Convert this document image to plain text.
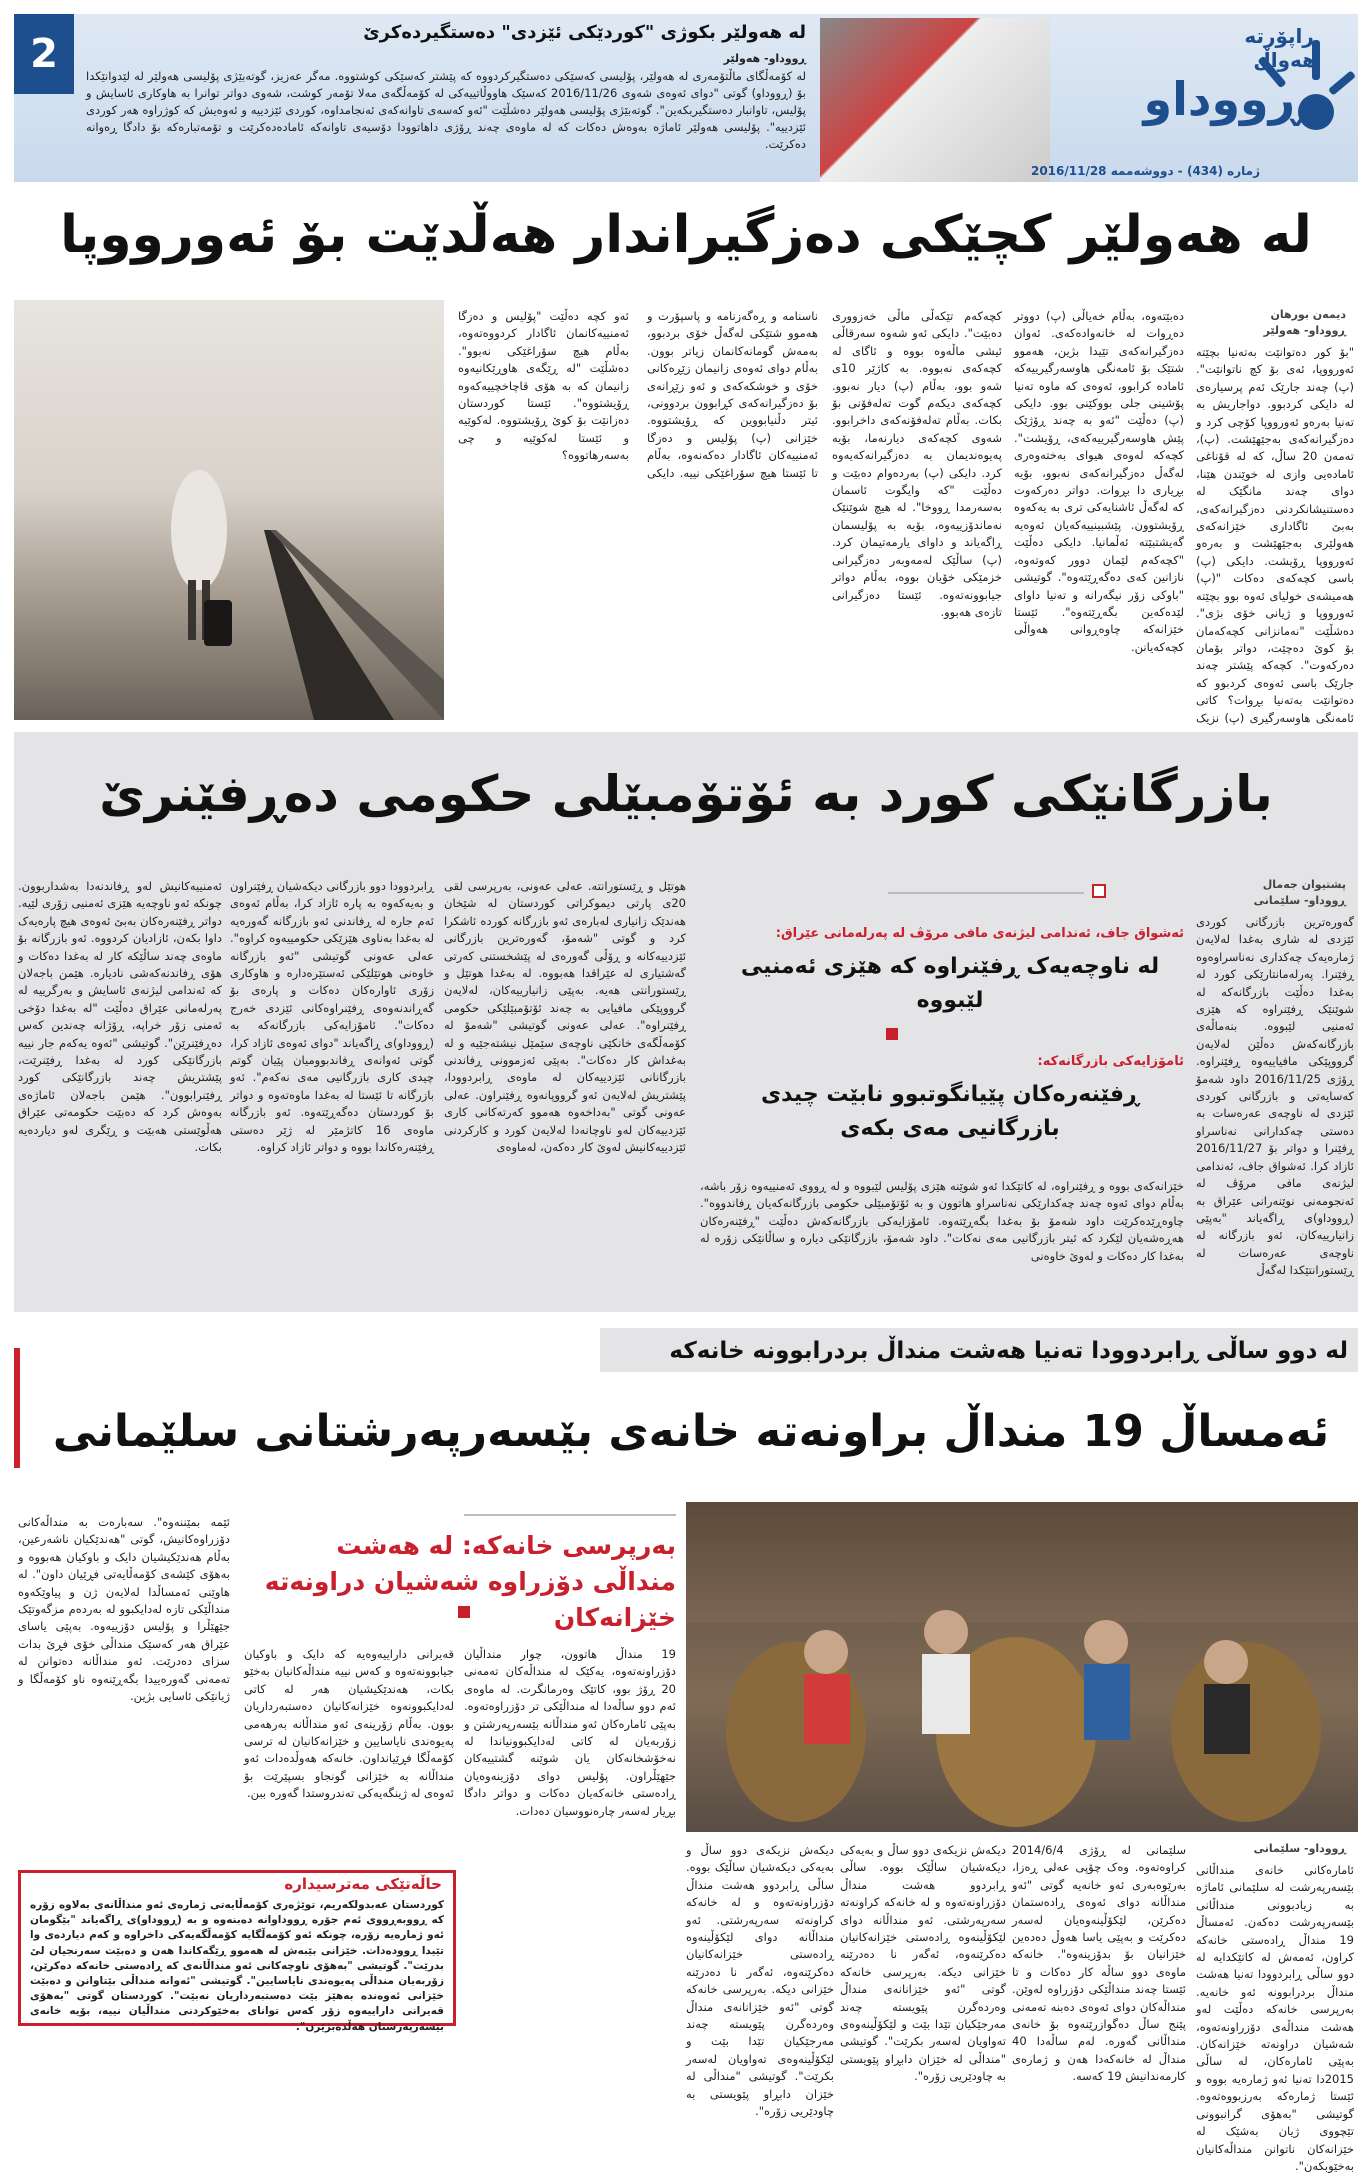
2
ڕووداو
ڕاپۆرتە هەواڵ
ژمارە (434) - دووشەممە 2016/11/28
لە هەولێر بکوژی "کوردێکی ئێزدی" دەستگیردەکرێ
ڕووداو- هەولێر
لە کۆمەڵگای ماڵتۆمەری لە هەولێر، پۆلیسی کەسێکی دەستگیرکردووە کە پێشتر کەسێکی کوشتووە. مەگر عەزیز، گوتەبێژی پۆلیسی هەولێر لە لێدوانێکدا بۆ (ڕووداو) گوتی "دوای ئەوەی شەوی 2016/11/26 کەسێک هاووڵاتییەکی لە کۆمەڵگەی مەلا تۆمەر کوشت، شەوی دواتر توانرا بە هاوکاری ئاسایش و پۆلیس، تاوانبار دەستگیربکەین". گوتەبێژی پۆلیسی هەولێر دەشڵێت "ئەو کەسەی تاوانەکەی ئەنجامداوە، کوردی ئێزدییە و ئەوەیش کە کوژراوە هەر کوردی ئێزدییە". پۆلیسی هەولێر ئاماژە بەوەش دەکات کە لە ماوەی چەند ڕۆژی داهاتوودا دۆسیەی تاوانەکە ئامادەدەکرێت و تۆمەتبارەکە بۆ دادگا ڕەوانە دەکرێت.
لە هەولێر کچێکی دەزگیراندار هەڵدێت بۆ ئەورووپا
دیمەن بورهان
ڕووداو- هەولێر
"بۆ کور دەتوانێت بەتەنیا بچێتە ئەورووپا، ئەی بۆ کچ ناتوانێت". (پ) چەند جارێک ئەم پرسیارەی لە دایکی کردبوو. دواجاریش بە تەنیا بەرەو ئەورووپا کۆچی کرد و دەزگیرانەکەی بەجێهێشت. (پ)، تەمەن 20 ساڵ، کە لە قۆناغی ئامادەیی وازی لە خوێندن هێنا، دوای چەند مانگێک لە دەستنیشانکردنی دەزگیرانەکەی، بەبێ ئاگاداری خێزانەکەی هەولێری بەجێهێشت و بەرەو ئەورووپا ڕۆیشت. دایکی (پ) باسی کچەکەی دەکات "(پ) هەمیشەی خولیای ئەوە بوو بچێتە ئەورووپا و ژیانی خۆی بژی". دەشڵێت "نەمانزانی کچەکەمان بۆ کوێ دەچێت، دواتر بۆمان دەرکەوت". کچەکە پێشتر چەند جارێک باسی ئەوەی کردبوو کە دەتوانێت بەتەنیا بڕوات؟ کاتی ئامەنگی هاوسەرگیری (پ) نزیک
دەبێتەوە، بەڵام خەیاڵی (پ) دووتر دەڕوات لە خانەوادەکەی. ئەوان دەزگیرانەکەی تێیدا بژین، هەموو شتێک بۆ ئامەنگی هاوسەرگیرییەکە ئامادە کرابوو، ئەوەی کە ماوە تەنیا پۆشینی جلی بووکێنی بوو. دایکی (پ) دەڵێت "ئەو بە چەند ڕۆژێک پێش هاوسەرگیرییەکەی، ڕۆیشت". کچەکە لەوەی هیوای بەختەوەری لەگەڵ دەزگیرانەکەی نەبوو، بۆیە بڕیاری دا بڕوات. دواتر دەرکەوت کە لەگەڵ ئاشنایەکی تری بە یەکەوە ڕۆیشتوون. پێشبینییەکەیان ئەوەیە گەیشتبێتە ئەڵمانیا. دایکی دەڵێت "کچەکەم لێمان دوور کەوتەوە، نازانین کەی دەگەڕێتەوە". گوتیشی "باوکی زۆر نیگەرانە و تەنیا داوای لێدەکەین بگەڕێتەوە". ئێستا خێزانەکە چاوەڕوانی هەواڵی کچەکەیانن.
کچەکەم تێکەڵی ماڵی خەزووری دەبێت". دایکی ئەو شەوە سەرقاڵی ئیشی ماڵەوە بووە و ئاگای لە کچەکەی نەبووە. بە کاژێر 10ی شەو بوو، بەڵام (پ) دیار نەبوو. کچەکەی دیکەم گوت تەلەفۆنی بۆ بکات. بەڵام تەلەفۆنەکەی داخرابوو. شەوی کچەکەی دیارنەما، بۆیە پەیوەندیمان بە دەزگیرانەکەیەوە کرد. دایکی (پ) بەردەوام دەبێت و دەڵێت "کە وایگوت ئاسمان بەسەرمدا ڕووخا". لە هیچ شوێنێک نەماندۆزییەوە، بۆیە بە پۆلیسمان ڕاگەیاند و داوای یارمەتیمان کرد. (پ) ساڵێک لەمەوبەر دەزگیرانی خزمێکی خۆیان بووە، بەڵام دواتر جیابوونەتەوە. ئێستا دەزگیرانی تازەی هەبوو.
ناسنامە و ڕەگەزنامە و پاسپۆرت و هەموو شتێکی لەگەڵ خۆی بردبوو، بەمەش گومانەکانمان زیاتر بوون. بەڵام دوای ئەوەی زانیمان زێڕەکانی خۆی و خوشکەکەی و ئەو زێڕانەی بۆ دەزگیرانەکەی کڕابوون بردوونی، ئیتر دڵنیابووین کە ڕۆیشتووە. خێزانی (پ) پۆلیس و دەزگا ئەمنییەکان ئاگادار دەکەنەوە، بەڵام تا ئێستا هیچ سۆراغێکی نییە. دایکی ئەو کچە دەڵێت "پۆلیس و دەزگا ئەمنییەکانمان ئاگادار کردووەتەوە، بەڵام هیچ سۆراغێکی نەبوو". دەشڵێت "لە ڕێگەی هاوڕێکانیەوە زانیمان کە بە هۆی قاچاخچییەکەوە ڕۆیشتووە". ئێستا کوردستان دەزانێت بۆ کوێ ڕۆیشتووە. لەکوێیە و ئێستا لەکوێیە و چی بەسەرهاتووە؟
بازرگانێکی کورد بە ئۆتۆمبێلی حکومی دەڕفێنرێ
پشتیوان جەمال
ڕووداو- سلێمانی
گەورەترین بازرگانی کوردی ئێزدی لە شاری بەغدا لەلایەن ژمارەیەک چەکداری نەناسراوەوە ڕفێنرا. پەرلەمانتارێکی کورد لە بەغدا دەڵێت بازرگانەکە لە شوێنێک ڕفێنراوە کە هێزی ئەمنیی لێبووە. بنەماڵەی بازرگانەکەش دەڵێن لەلایەن گرووپێکی مافیاییەوە ڕفێنراوە. ڕۆژی 2016/11/25 داود شەمۆ کەسایەتی و بازرگانی کوردی ئێزدی لە ناوچەی عەرەسات بە دەستی چەکدارانی نەناسراو ڕفێنرا و دواتر بۆ 2016/11/27 ئازاد کرا. ئەشواق جاف، ئەندامی لیژنەی مافی مرۆڤ لە ئەنجومەنی نوێنەرانی عێراق بە (ڕووداو)ی ڕاگەیاند "بەپێی زانیارییەکان، ئەو بازرگانە لە ناوچەی عەرەسات لە ڕێستورانتێکدا لەگەڵ
ئەشواق جاف، ئەندامی لیژنەی مافی مرۆڤ لە پەرلەمانی عێراق:
لە ناوچەیەک ڕفێنراوە کە هێزی ئەمنیی لێبووە
ئامۆزایەکی بازرگانەکە:
ڕفێنەرەکان پێیانگوتبوو نابێت چیدی بازرگانیی مەی بکەی
خێزانەکەی بووە و ڕفێنراوە، لە کاتێکدا ئەو شوێنە هێزی پۆلیس لێبووە و لە ڕووی ئەمنییەوە زۆر باشە، بەڵام دوای ئەوە چەند چەکدارێکی نەناسراو هاتوون و بە ئۆتۆمبێلی حکومی بازرگانەکەیان ڕفاندووە". چاوەڕێدەکرێت داود شەمۆ بۆ بەغدا بگەڕێتەوە. ئامۆزایەکی بازرگانەکەش دەڵێت "ڕفێنەرەکان هەڕەشەیان لێکرد کە ئیتر بازرگانیی مەی نەکات". داود شەمۆ، بازرگانێکی دیارە و ساڵانێکی زۆرە لە بەغدا کار دەکات و لەوێ خاوەنی
هوتێل و ڕێستورانتە. عەلی عەونی، بەرپرسی لقی 20ی پارتی دیموکراتی کوردستان لە شێخان هەندێک زانیاری لەبارەی ئەو بازرگانە کوردە ئاشکرا کرد و گوتی "شەمۆ، گەورەترین بازرگانی ئێزدییەکانە و ڕۆڵی گەورەی لە پێشخستنی کەرتی گەشتیاری لە عێراقدا هەبووە. لە بەغدا هوتێل و ڕێستورانتی هەیە. بەپێی زانیارییەکان، لەلایەن گرووپێکی مافیایی بە چەند ئۆتۆمبێلێکی حکومی ڕفێنراوە". عەلی عەونی گوتیشی "شەمۆ لە کۆمەڵگەی خانکێی ناوچەی سێمێل نیشتەجێیە و لە بەغداش کار دەکات". بەپێی ئەزموونی ڕفاندنی بازرگانانی ئێزدییەکان لە ماوەی ڕابردوودا، پێشتریش لەلایەن ئەو گرووپانەوە ڕفێنراون. عەلی عەونی گوتی "بەداخەوە هەموو کەرتەکانی کاری ئێزدییەکان لەو ناوچانەدا لەلایەن کورد و کارکردنی ئێزدییەکانیش لەوێ کار دەکەن، لەماوەی
ڕابردوودا دوو بازرگانی دیکەشیان ڕفێنراون و بەیەکەوە بە پارە ئازاد کرا، بەڵام ئەوەی ئەم جارە لە ڕفاندنی ئەو بازرگانە گەورەیە لە بەغدا بەناوی هێزێکی حکومییەوە کراوە". عەلی عەونی گوتیشی "ئەو بازرگانە خاوەنی هوتێلێکی ئەستێرەدارە و هاوکاری زۆری ئاوارەکان دەکات و پارەی بۆ گەڕاندنەوەی ڕفێنراوەکانی ئێزدی خەرج دەکات". ئامۆزایەکی بازرگانەکە بە (ڕووداو)ی ڕاگەیاند "دوای ئەوەی ئازاد کرا، گوتی ئەوانەی ڕفاندبوومیان پێیان گوتم چیدی کاری بازرگانیی مەی نەکەم". ئەو بازرگانە تا ئێستا لە بەغدا ماوەتەوە و دواتر بۆ کوردستان دەگەڕێتەوە. ئەو بازرگانە ماوەی 16 کاتژمێر لە ژێر دەستی ڕفێنەرەکاندا بووە و دواتر ئازاد کراوە.
ئەمنییەکانیش لەو ڕفاندنەدا بەشداربوون. چونکە ئەو ناوچەیە هێزی ئەمنیی زۆری لێیە. دواتر ڕفێنەرەکان بەبێ ئەوەی هیچ پارەیەک داوا بکەن، ئازادیان کردووە. ئەو بازرگانە بۆ ماوەی چەند ساڵێکە کار لە بەغدا دەکات و هۆی ڕفاندنەکەشی نادیارە. هێمن باجەلان کە ئەندامی لیژنەی ئاسایش و بەرگرییە لە پەرلەمانی عێراق دەڵێت "لە بەغدا دۆخی ئەمنی زۆر خراپە، ڕۆژانە چەندین کەس دەڕفێنرێن". گوتیشی "ئەوە یەکەم جار نییە بازرگانێکی کورد لە بەغدا ڕفێنرێت، پێشتریش چەند بازرگانێکی کورد ڕفێنرابوون". هێمن باجەلان ئاماژەی بەوەش کرد کە دەبێت حکومەتی عێراق هەڵوێستی هەبێت و ڕێگری لەو دیاردەیە بکات.
لە دوو ساڵی ڕابردوودا تەنیا هەشت منداڵ بردرابوونە خانەکە
ئەمساڵ 19 منداڵ براونەتە خانەی بێسەرپەرشتانی سلێمانی
ڕووداو- سلێمانی
ئامارەکانی خانەی منداڵانی بێسەرپەرشت لە سلێمانی ئاماژە بە زیادبوونی منداڵانی بێسەرپەرشت دەکەن. ئەمساڵ 19 منداڵ ڕادەستی خانەکە کراون، ئەمەش لە کاتێکدایە لە دوو ساڵی ڕابردوودا تەنیا هەشت منداڵ بردرابوونە ئەو خانەیە. بەرپرسی خانەکە دەڵێت لەو هەشت منداڵەی دۆزراونەتەوە، شەشیان دراونەتە خێزانەکان. بەپێی ئامارەکان، لە ساڵی 2015دا تەنیا ئەو ژمارەیە بووە و ئێستا ژمارەکە بەرزبووەتەوە. گوتیشی "بەهۆی گرانبوونی تێچووی ژیان بەشێک لە خێزانەکان ناتوانن منداڵەکانیان بەخێوبکەن".
سلێمانی لە ڕۆژی 2014/6/4 کراوەتەوە. وەک چۆپی عەلی ڕەزا، بەرێوەبەری ئەو خانەیە گوتی "ئەو منداڵانە دوای ئەوەی ڕادەستمان دەکرێن، لێکۆڵینەوەیان لەسەر دەکرێت و بەپێی یاسا هەوڵ دەدەین خێزانیان بۆ بدۆزینەوە". خانەکە ماوەی دوو ساڵە کار دەکات و تا ئێستا چەند منداڵێکی دۆزراوە لەوێن. منداڵەکان دوای ئەوەی دەبنە تەمەنی پێنج ساڵ دەگوازرێنەوە بۆ خانەی منداڵانی گەورە. لەم ساڵەدا 40 منداڵ لە خانەکەدا هەن و ژمارەی کارمەندانیش 19 کەسە.
دیکەش نزیکەی دوو ساڵ و بەیەکی دیکەشیان ساڵێک بووە. ساڵی ڕابردوو هەشت منداڵ دۆزراونەتەوە و لە خانەکە کراونەتە سەرپەرشتی. ئەو منداڵانە دوای لێکۆڵینەوە ڕادەستی خێزانەکانیان دەکرێنەوە، ئەگەر نا دەدرێنە خێزانی دیکە. بەرپرسی خانەکە گوتی "ئەو خێزانانەی منداڵ وەردەگرن پێویستە چەند مەرجێکیان تێدا بێت و لێکۆڵینەوەی تەواویان لەسەر بکرێت". گوتیشی "منداڵی لە خێزان دابڕاو پێویستی بە چاودێریی زۆرە".
دیکەش نزیکەی دوو ساڵ و بەیەکی دیکەشیان ساڵێک بووە. ساڵی ڕابردوو هەشت منداڵ دۆزراونەتەوە و لە خانەکە کراونەتە سەرپەرشتی. ئەو منداڵانە دوای لێکۆڵینەوە ڕادەستی خێزانەکانیان دەکرێنەوە، ئەگەر نا دەدرێنە خێزانی دیکە. بەرپرسی خانەکە گوتی "ئەو خێزانانەی منداڵ وەردەگرن پێویستە چەند مەرجێکیان تێدا بێت و لێکۆڵینەوەی تەواویان لەسەر بکرێت". گوتیشی "منداڵی لە خێزان دابڕاو پێویستی بە چاودێریی زۆرە".
بەرپرسی خانەکە: لە هەشت منداڵی دۆزراوە شەشیان دراونەتە خێزانەکان
19 منداڵ هاتوون، چوار منداڵیان دۆزراونەتەوە، یەکێک لە منداڵەکان تەمەنی 20 ڕۆژ بوو، کاتێک وەرمانگرت. لە ماوەی ئەم دوو ساڵەدا لە منداڵێکی تر دۆزراوەتەوە. بەپێی ئامارەکان ئەو منداڵانە بێسەرپەرشتن و زۆربەیان لە کاتی لەدایکبوونیاندا لە نەخۆشخانەکان یان شوێنە گشتییەکان جێهێڵراون. پۆلیس دوای دۆزینەوەیان ڕادەستی خانەکەیان دەکات و دواتر دادگا بڕیار لەسەر چارەنووسیان دەدات.
قەیرانی داراییەوەیە کە دایک و باوکیان جیابوونەتەوە و کەس نییە منداڵەکانیان بەخێو بکات، هەندێکیشیان هەر لە کاتی لەدایکبوونەوە خێزانەکانیان دەستبەرداریان بوون. بەڵام زۆرینەی ئەو منداڵانە بەرهەمی پەیوەندی نایاسایین و خێزانەکانیان لە ترسی کۆمەڵگا فڕێیانداون. خانەکە هەوڵدەدات ئەو منداڵانە بە خێزانی گونجاو بسپێرێت بۆ ئەوەی لە ژینگەیەکی تەندروستدا گەورە ببن.
ئێمە بمێننەوە". سەبارەت بە منداڵەکانی دۆزراوەکانیش، گوتی "هەندێکیان ناشەرعین، بەڵام هەندێکیشیان دایک و باوکیان هەبووە و بەهۆی کێشەی کۆمەڵایەتی فڕێیان داون". لە هاوێنی ئەمساڵدا لەلایەن ژن و پیاوێکەوە منداڵێکی تازە لەدایکبوو لە بەردەم مزگەوتێک جێهێڵرا و پۆلیس دۆزییەوە. بەپێی یاسای عێراق هەر کەسێک منداڵی خۆی فڕێ بدات سزای دەدرێت. ئەو منداڵانە دەتوانن لە تەمەنی گەورەییدا بگەڕێنەوە ناو کۆمەڵگا و ژیانێکی ئاسایی بژین.
حاڵەتێکی مەترسیدارە
کوردستان عەبدولکەریم، توێژەری کۆمەڵایەتی ژمارەی ئەو منداڵانەی بەلاوە زۆرە کە ڕووبەڕووی ئەم جۆرە ڕووداوانە دەبنەوە و بە (ڕووداو)ی ڕاگەیاند "بێگومان ئەو ژمارەیە زۆرە، چونکە ئەو کۆمەڵگایە کۆمەڵگەیەکی داخراوە و کەم دیاردەی وا تێیدا ڕوودەدات. خێزانی بێبەش لە هەموو ڕێگەکاندا هەن و دەبێت سەرنجیان لێ بدرێت". گوتیشی "بەهۆی ناوچەکانی ئەو منداڵانەی کە ڕادەستی خانەکە دەکرێن، زۆربەیان منداڵی پەیوەندی نایاسایین". گوتیشی "ئەوانە منداڵی بێتاوانن و دەبێت خێزانی ئەوەندە بەهێز بێت دەستبەرداریان نەبێت". کوردستان گوتی "بەهۆی قەیرانی داراییەوە زۆر کەس توانای بەخێوکردنی منداڵیان نییە، بۆیە خانەی بێسەرپەرشتان هەڵدەبژێرن".
